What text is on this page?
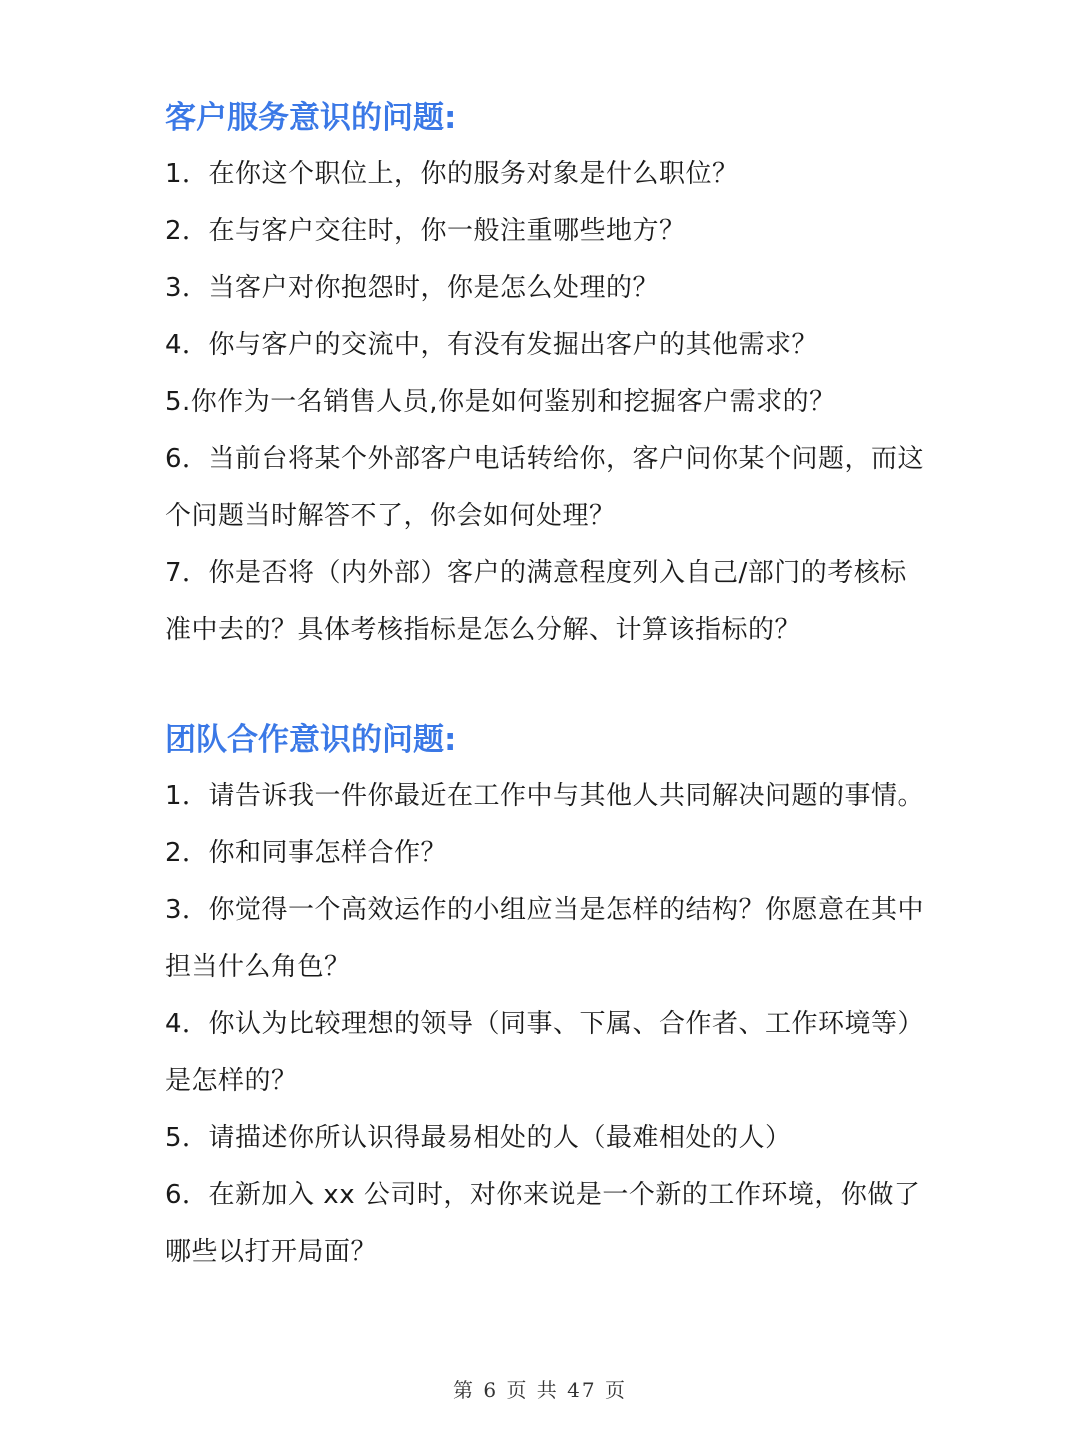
客户服务意识的问题:

1．在你这个职位上，你的服务对象是什么职位？

2．在与客户交往时，你一般注重哪些地方？

3．当客户对你抱怨时，你是怎么处理的？

4．你与客户的交流中，有没有发掘出客户的其他需求？

5.你作为一名销售人员,你是如何鉴别和挖掘客户需求的？

6．当前台将某个外部客户电话转给你，客户问你某个问题，而这个问题当时解答不了，你会如何处理？

7．你是否将（内外部）客户的满意程度列入自己/部门的考核标准中去的？具体考核指标是怎么分解、计算该指标的？

团队合作意识的问题:

1．请告诉我一件你最近在工作中与其他人共同解决问题的事情。

2．你和同事怎样合作？

3．你觉得一个高效运作的小组应当是怎样的结构？你愿意在其中担当什么角色？

4．你认为比较理想的领导（同事、下属、合作者、工作环境等）是怎样的？

5．请描述你所认识得最易相处的人（最难相处的人）

6．在新加入 xx 公司时，对你来说是一个新的工作环境，你做了哪些以打开局面？

第 6 页 共 47 页
